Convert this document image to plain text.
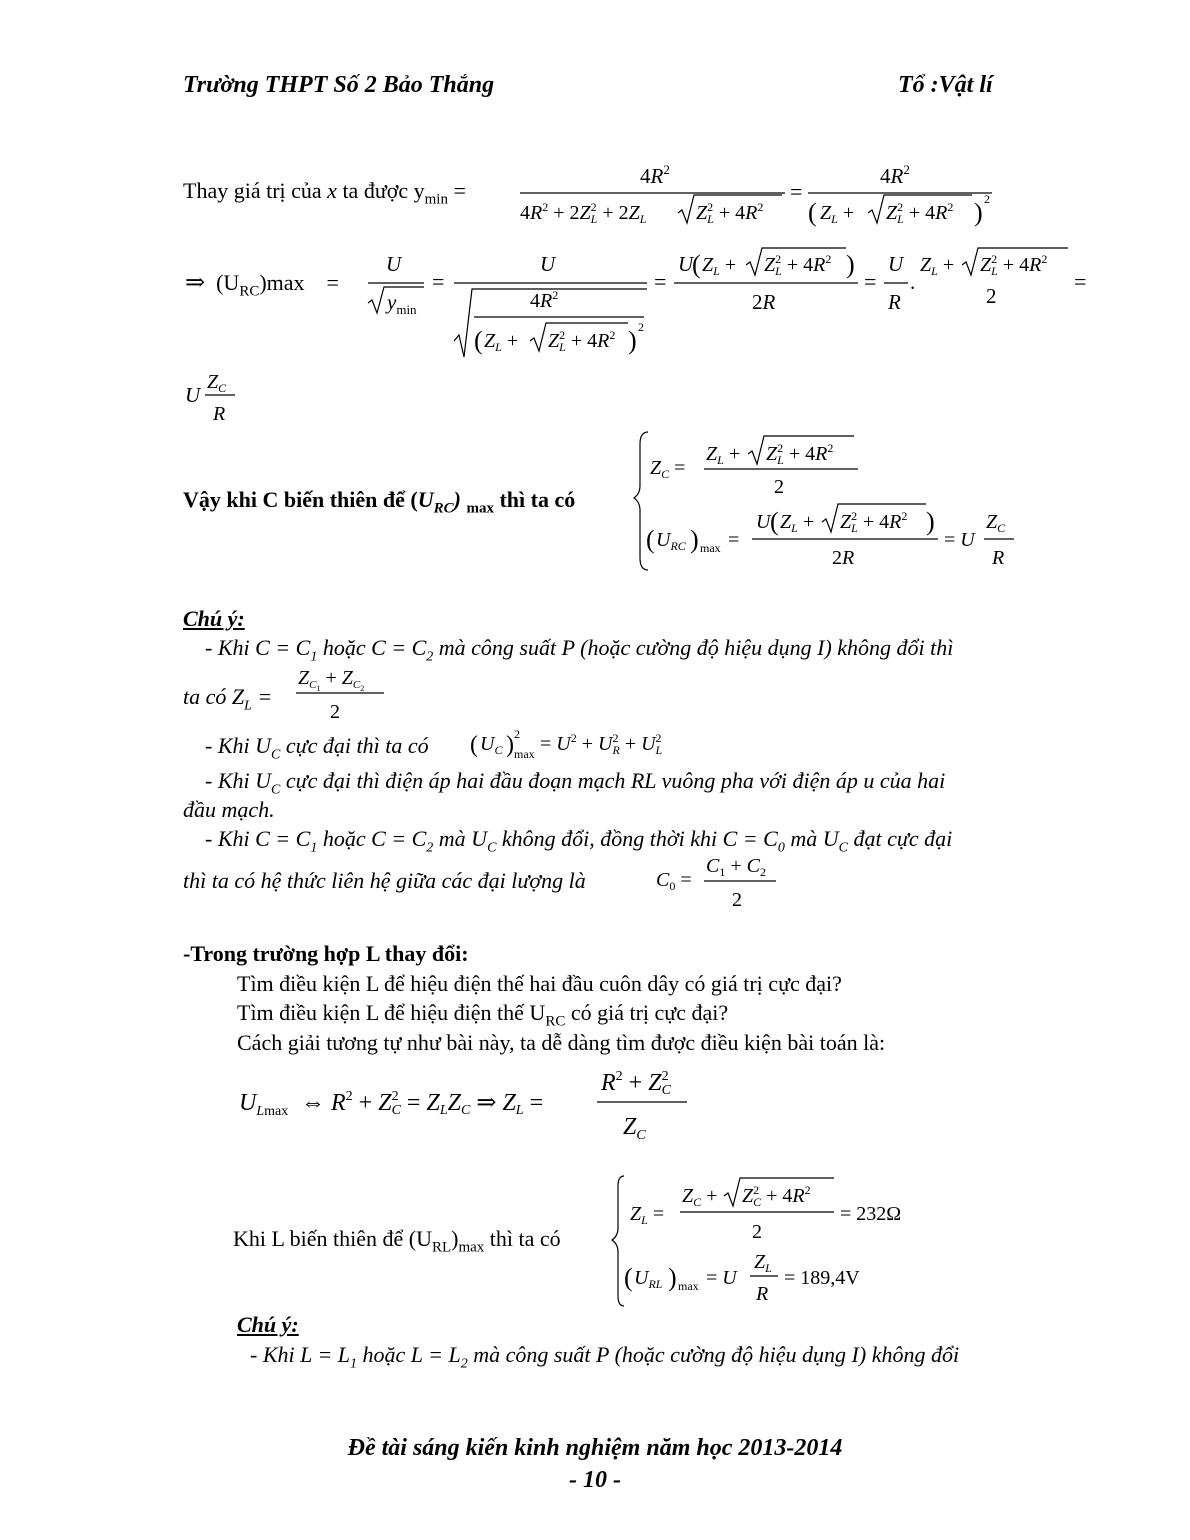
Trường THPT Số 2 Bảo Thắng	Tổ :Vật lí
Thay giá trị của x ta được $y_{min}$ =
$4R^2$
$4R^2 + 2Z^2$ $L + 2Z_L$ $Z^2$ $L + 4R^2$
=
$4R^2$
( $Z_L + Z^2$ $L + 4R^2$ ) 2
⇒ $(U_{RC})\max$    =
U
$y_{min}$
=
U
$4R^2$
( $Z_L + Z^2$ $L + 4R^2$ ) 2
=
U
( $Z_L + Z^2$ $L + 4R^2$ )
2R
=
U
R
.
$Z_L + Z^2$ $L + 4R^2$
2
=
U
$Z_C$
R
Vậy khi C biến thiên để $(U_{RC})$ $_{max}$ thì ta có
$Z_C$ =
$Z_L + Z^2$ $L + 4R^2$
2
( $U_{RC}$ ) max =
U ( $Z_L + Z^2$ $L + 4R^2$ )
2R
= U
$Z_C$
R
Chú ý:
- Khi $C = C_1$ hoặc $C = C_2$ mà công suất P (hoặc cường độ hiệu dụng I) không đổi thì
ta có $Z_L$ =
$Z_C1 + Z_C2$
2
- Khi $U_C$ cực đại thì ta có ( $U_C$ ) 2
$\max = U^2 + U^2$ $R + U^2$ L
- Khi $U_C$ cực đại thì điện áp hai đầu đoạn mạch RL vuông pha với điện áp u của hai
đầu mạch.
- Khi $C = C_1$ hoặc $C = C_2$ mà $U_C$ không đổi, đồng thời khi $C = C_0$ mà $U_C$ đạt cực đại
thì ta có hệ thức liên hệ giữa các đại lượng là	$C_0$ =
$C_1 + C_2$
2
-Trong trường hợp L thay đổi:
Tìm điều kiện L để hiệu điện thế hai đầu cuôn dây có giá trị cực đại?
Tìm điều kiện L để hiệu điện thế $U_{RC}$ có giá trị cực đại?
Cách giải tương tự như bài này, ta dễ dàng tìm được điều kiện bài toán là:
$U_L\max$ ⇔ $R^2 + Z^2$ C = ZLZC ⇒ ZL =
$R^2 + Z^2$ C
$Z_C$
Khi L biến thiên để $(U_{RL})_{max}$ thì ta có
$Z_L$ =
$Z_C + Z^2$ $C + 4R^2$
2
= 232Ω
( $U_{RL}$ ) max = U
$Z_L$
R
= 189,4V
Chú ý:
- Khi $L = L_1$ hoặc $L = L_2$ mà công suất P (hoặc cường độ hiệu dụng I) không đổi
Đề tài sáng kiến kinh nghiệm năm học 2013-2014
- 10 -
